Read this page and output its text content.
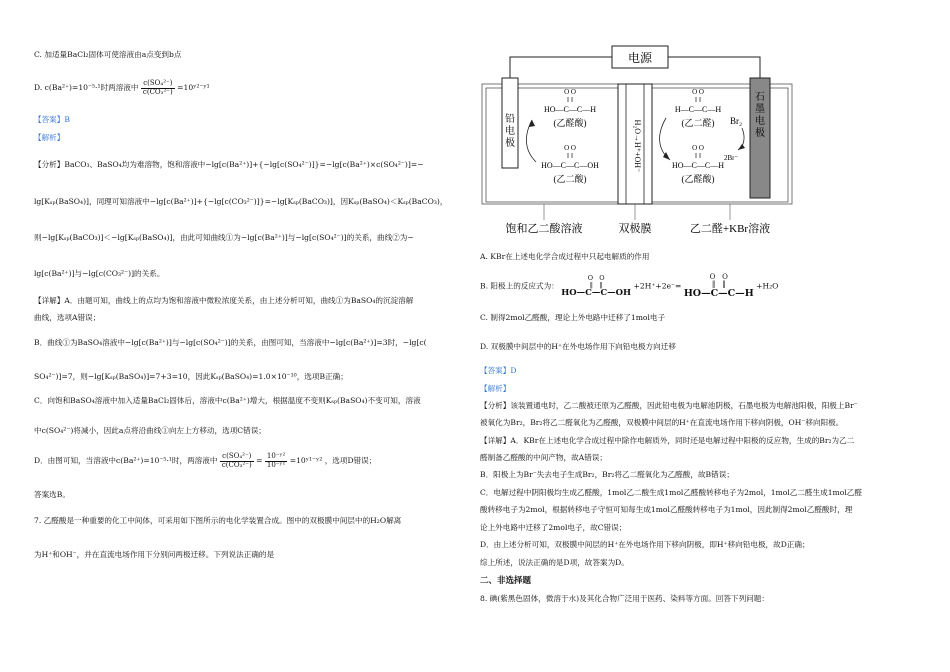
C. 加适量BaCl₂固体可使溶液由a点变到b点
D. c(Ba²⁺)=10⁻⁵·¹时两溶液中 $\frac{\text{c(SO₄²⁻)}}{\text{c(CO₃²⁻)}}$ =10ʸ²⁻ʸ¹
【答案】B
【解析】
【分析】BaCO₃、BaSO₄均为难溶物，饱和溶液中−lg[c(Ba²⁺)]+{−lg[c(SO₄²⁻)]}=−lg[c(Ba²⁺)×c(SO₄²⁻)]=−
lg[Kₛₚ(BaSO₄)]，同理可知溶液中−lg[c(Ba²⁺)]+{−lg[c(CO₃²⁻)]}=−lg[Kₛₚ(BaCO₃)]，因Kₛₚ(BaSO₄)＜Kₛₚ(BaCO₃)，
则−lg[Kₛₚ(BaCO₃)]＜−lg[Kₛₚ(BaSO₄)]，由此可知曲线①为−lg[c(Ba²⁺)]与−lg[c(SO₄²⁻)]的关系，曲线②为−
lg[c(Ba²⁺)]与−lg[c(CO₃²⁻)]的关系。
【详解】A．由题可知，曲线上的点均为饱和溶液中微粒浓度关系，由上述分析可知，曲线①为BaSO₄的沉淀溶解
曲线，选项A错误；
B．曲线①为BaSO₄溶液中−lg[c(Ba²⁺)]与−lg[c(SO₄²⁻)]的关系，由图可知，当溶液中−lg[c(Ba²⁺)]=3时，−lg[c(
SO₄²⁻)]=7，则−lg[Kₛₚ(BaSO₄)]=7+3=10，因此Kₛₚ(BaSO₄)=1.0×10⁻¹⁰，选项B正确；
C．向饱和BaSO₄溶液中加入适量BaCl₂固体后，溶液中c(Ba²⁺)增大，根据温度不变则Kₛₚ(BaSO₄)不变可知，溶液
中c(SO₄²⁻)将减小，因此a点将沿曲线①向左上方移动，选项C错误；
D．由图可知，当溶液中c(Ba²⁺)=10⁻⁵·¹时，两溶液中 $\frac{\text{c(SO₄²⁻)}}{\text{c(CO₃²⁻)}} = \frac{\text{10⁻ʸ²}}{\text{10⁻ʸ¹}}$ =10ʸ¹⁻ʸ² ，选项D错误；
答案选B。
7. 乙醛酸是一种重要的化工中间体，可采用如下图所示的电化学装置合成。图中的双极膜中间层中的H₂O解离
为H⁺和OH⁻，并在直流电场作用下分别问两极迁移。下列说法正确的是
电源
铅 电 极
石 墨 电 极
H₂O→H⁺+OH⁻
O O
‖ ‖
HO—C—C—H
(乙醛酸)
O O
‖ ‖
HO—C—C—OH
(乙二酸)
O O
‖ ‖
H—C—C—H
(乙二醛)
O O
‖ ‖
HO—C—C—H
(乙醛酸)
Br₂
2Br⁻
饱和乙二酸溶液	双极膜	乙二醛+KBr溶液
A. KBr在上述电化学合成过程中只起电解质的作用
B. 阳极上的反应式为：
O   O
‖   ‖
HO—C—C—OH +2H⁺+2e⁻=
O   O
‖   ‖
HO—C—C—H +H₂O
C. 制得2mol乙醛酸，理论上外电路中迁移了1mol电子
D. 双极膜中间层中的H⁺在外电场作用下向铅电极方向迁移
【答案】D
【解析】
【分析】该装置通电时，乙二酸被还原为乙醛酸，因此铅电极为电解池阴极，石墨电极为电解池阳极，阳极上Br⁻
被氧化为Br₂，Br₂将乙二醛氧化为乙醛酸，双极膜中间层的H⁺在直流电场作用下移向阴极，OH⁻移向阳极。
【详解】A．KBr在上述电化学合成过程中除作电解质外，同时还是电解过程中阳极的反应物，生成的Br₂为乙二
醛制备乙醛酸的中间产物，故A错误；
B．阳极上为Br⁻失去电子生成Br₂，Br₂将乙二醛氧化为乙醛酸，故B错误；
C．电解过程中阴阳极均生成乙醛酸，1mol乙二酸生成1mol乙醛酸转移电子为2mol，1mol乙二醛生成1mol乙醛
酸转移电子为2mol，根据转移电子守恒可知每生成1mol乙醛酸转移电子为1mol，因此制得2mol乙醛酸时，理
论上外电路中迁移了2mol电子，故C错误；
D．由上述分析可知，双极膜中间层的H⁺在外电场作用下移向阴极，即H⁺移向铅电极，故D正确；
综上所述，说法正确的是D项，故答案为D。
二、非选择题
8. 碘(紫黑色固体，微溶于水)及其化合物广泛用于医药、染料等方面。回答下列问题：
